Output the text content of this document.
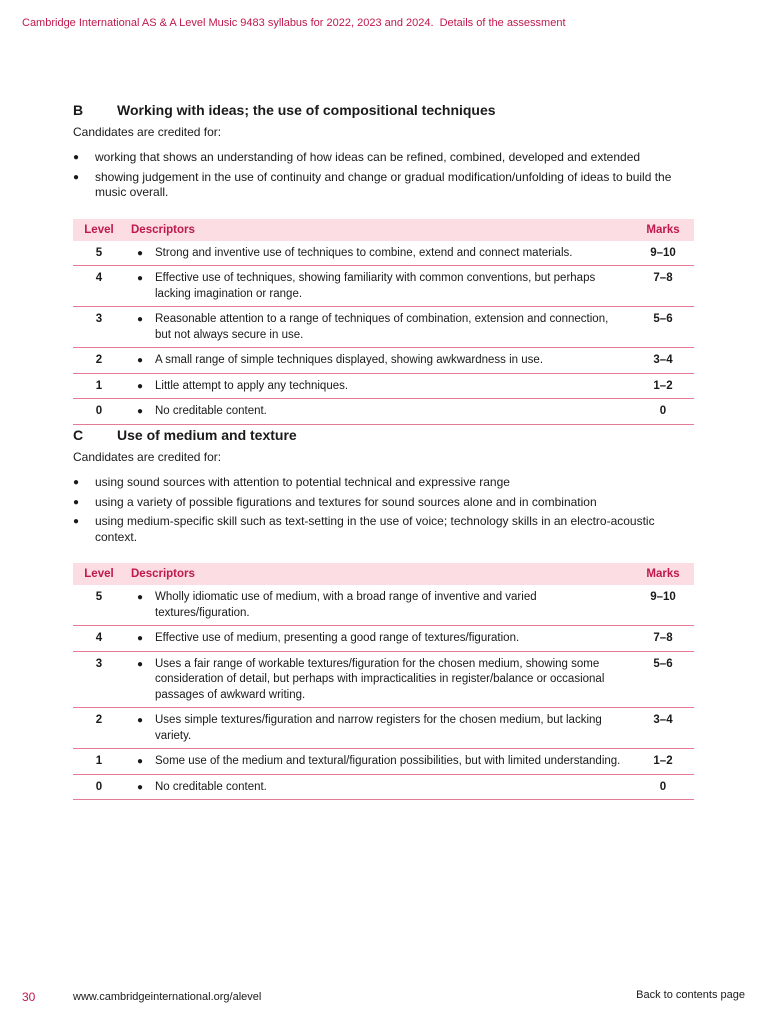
Cambridge International AS & A Level Music 9483 syllabus for 2022, 2023 and 2024. Details of the assessment
B Working with ideas; the use of compositional techniques

Candidates are credited for:

● working that shows an understanding of how ideas can be refined, combined, developed and extended
● showing judgement in the use of continuity and change or gradual modification/unfolding of ideas to build the music overall.
Level	Descriptors	Marks
5	● Strong and inventive use of techniques to combine, extend and connect materials.	9–10
4	● Effective use of techniques, showing familiarity with common conventions, but perhaps lacking imagination or range.	7–8
3	● Reasonable attention to a range of techniques of combination, extension and connection, but not always secure in use.	5–6
2	● A small range of simple techniques displayed, showing awkwardness in use.	3–4
1	● Little attempt to apply any techniques.	1–2
0	● No creditable content.	0
C Use of medium and texture

Candidates are credited for:

● using sound sources with attention to potential technical and expressive range
● using a variety of possible figurations and textures for sound sources alone and in combination
● using medium-specific skill such as text-setting in the use of voice; technology skills in an electro-acoustic context.
Level	Descriptors	Marks
5	● Wholly idiomatic use of medium, with a broad range of inventive and varied textures/figuration.	9–10
4	● Effective use of medium, presenting a good range of textures/figuration.	7–8
3	● Uses a fair range of workable textures/figuration for the chosen medium, showing some consideration of detail, but perhaps with impracticalities in register/balance or occasional passages of awkward writing.	5–6
2	● Uses simple textures/figuration and narrow registers for the chosen medium, but lacking variety.	3–4
1	● Some use of the medium and textural/figuration possibilities, but with limited understanding.	1–2
0	● No creditable content.	0
30	www.cambridgeinternational.org/alevel	Back to contents page
